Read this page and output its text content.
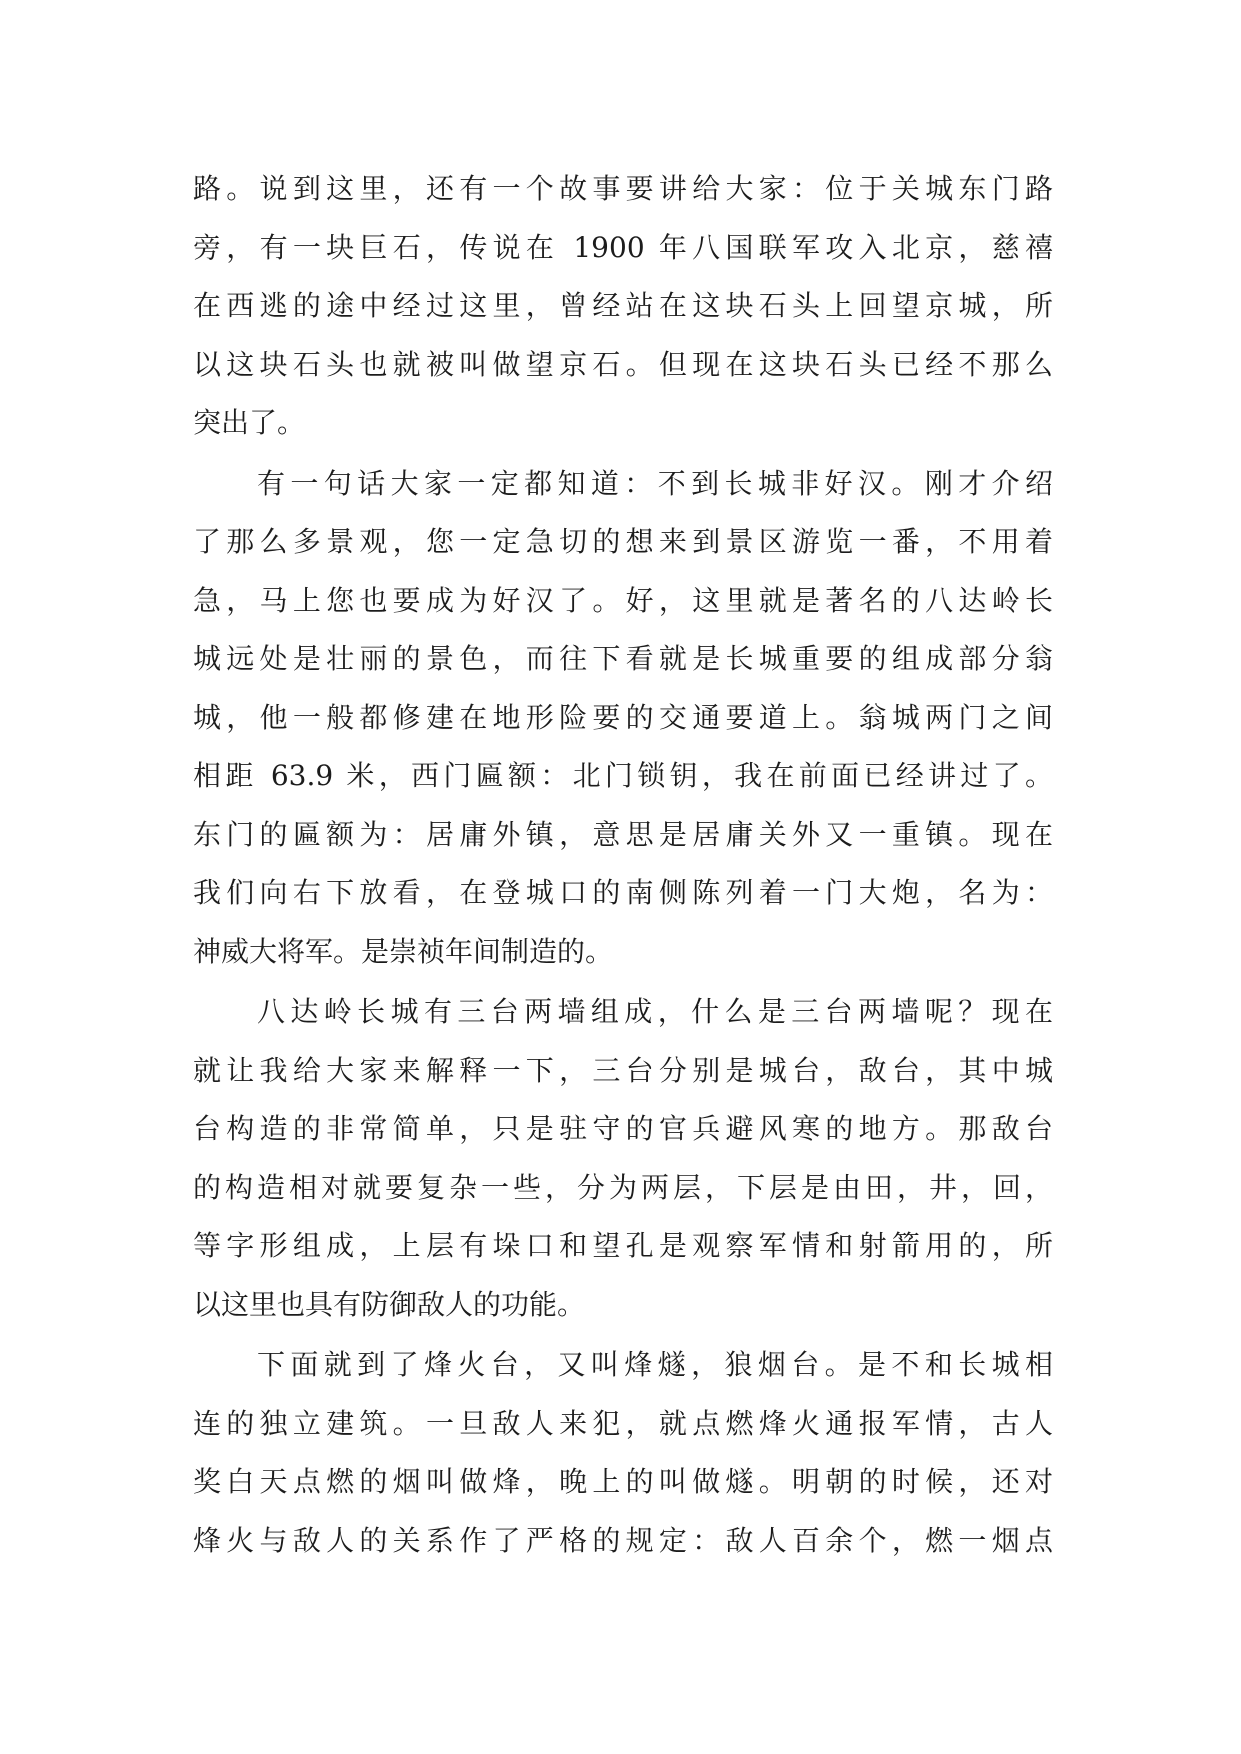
路。说到这里，还有一个故事要讲给大家：位于关城东门路
旁，有一块巨石，传说在 1900 年八国联军攻入北京，慈禧
在西逃的途中经过这里，曾经站在这块石头上回望京城，所
以这块石头也就被叫做望京石。但现在这块石头已经不那么
突出了。
有一句话大家一定都知道：不到长城非好汉。刚才介绍
了那么多景观，您一定急切的想来到景区游览一番，不用着
急，马上您也要成为好汉了。好，这里就是著名的八达岭长
城远处是壮丽的景色，而往下看就是长城重要的组成部分翁
城，他一般都修建在地形险要的交通要道上。翁城两门之间
相距 63.9 米，西门匾额：北门锁钥，我在前面已经讲过了。
东门的匾额为：居庸外镇，意思是居庸关外又一重镇。现在
我们向右下放看，在登城口的南侧陈列着一门大炮，名为：
神威大将军。是崇祯年间制造的。
八达岭长城有三台两墙组成，什么是三台两墙呢？现在
就让我给大家来解释一下，三台分别是城台，敌台，其中城
台构造的非常简单，只是驻守的官兵避风寒的地方。那敌台
的构造相对就要复杂一些，分为两层，下层是由田，井，回，
等字形组成，上层有垛口和望孔是观察军情和射箭用的，所
以这里也具有防御敌人的功能。
下面就到了烽火台，又叫烽燧，狼烟台。是不和长城相
连的独立建筑。一旦敌人来犯，就点燃烽火通报军情，古人
奖白天点燃的烟叫做烽，晚上的叫做燧。明朝的时候，还对
烽火与敌人的关系作了严格的规定：敌人百余个，燃一烟点
